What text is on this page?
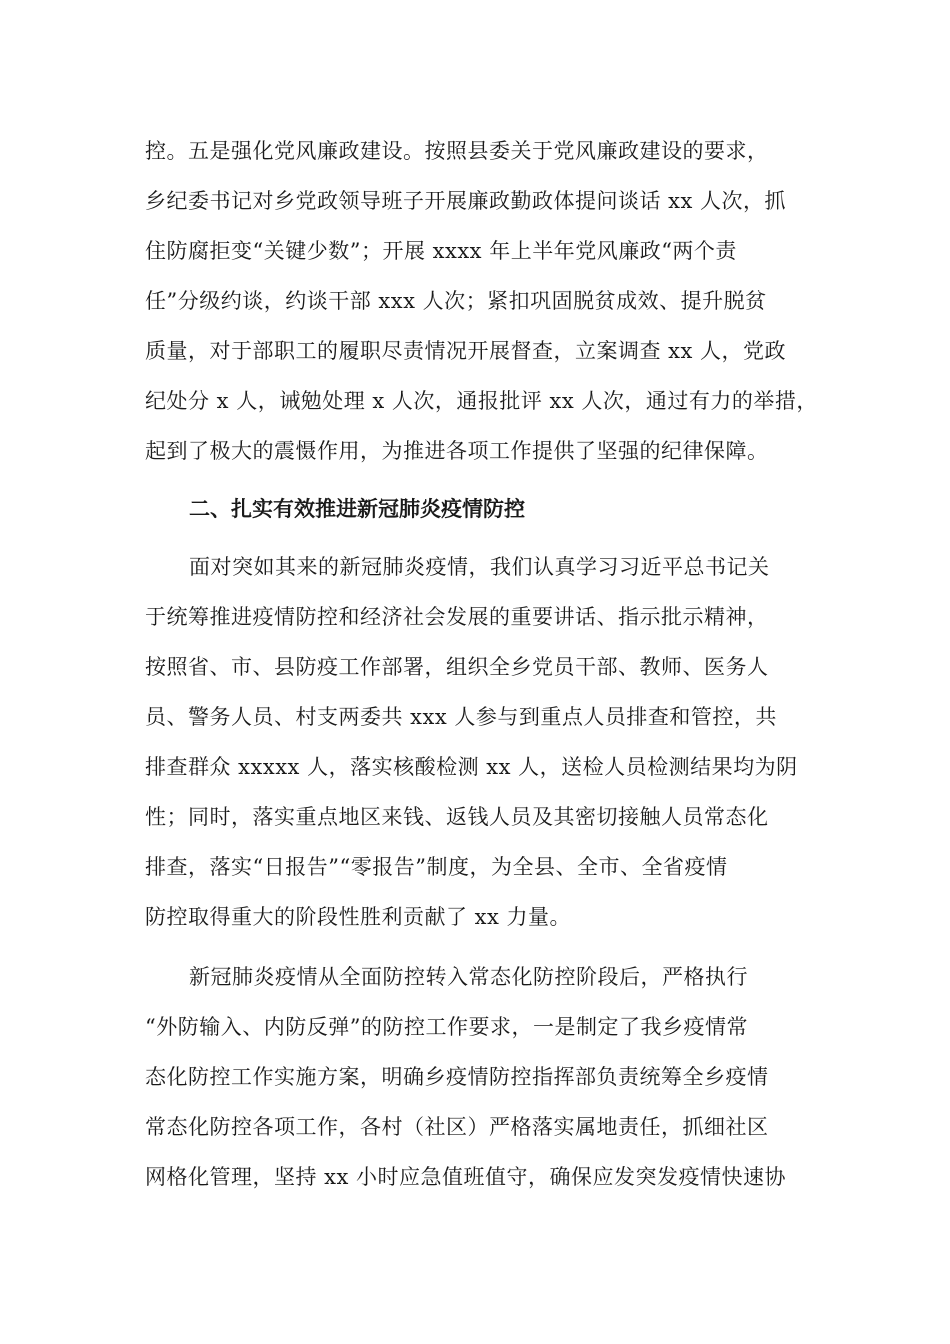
控。五是强化党风廉政建设。按照县委关于党风廉政建设的要求，
乡纪委书记对乡党政领导班子开展廉政勤政体提问谈话 xx 人次，抓
住防腐拒变“关键少数”；开展 xxxx 年上半年党风廉政“两个责
任”分级约谈，约谈干部 xxx 人次；紧扣巩固脱贫成效、提升脱贫
质量，对于部职工的履职尽责情况开展督查，立案调查 xx 人，党政
纪处分 x 人，诫勉处理 x 人次，通报批评 xx 人次，通过有力的举措，
起到了极大的震慑作用，为推进各项工作提供了坚强的纪律保障。
二、扎实有效推进新冠肺炎疫情防控
面对突如其来的新冠肺炎疫情，我们认真学习习近平总书记关
于统筹推进疫情防控和经济社会发展的重要讲话、指示批示精神，
按照省、市、县防疫工作部署，组织全乡党员干部、教师、医务人
员、警务人员、村支两委共 xxx 人参与到重点人员排查和管控，共
排查群众 xxxxx 人，落实核酸检测 xx 人，送检人员检测结果均为阴
性；同时，落实重点地区来钱、返钱人员及其密切接触人员常态化
排查，落实“日报告”“零报告”制度，为全县、全市、全省疫情
防控取得重大的阶段性胜利贡献了 xx 力量。
新冠肺炎疫情从全面防控转入常态化防控阶段后，严格执行
“外防输入、内防反弹”的防控工作要求，一是制定了我乡疫情常
态化防控工作实施方案，明确乡疫情防控指挥部负责统筹全乡疫情
常态化防控各项工作，各村（社区）严格落实属地责任，抓细社区
网格化管理，坚持 xx 小时应急值班值守，确保应发突发疫情快速协
